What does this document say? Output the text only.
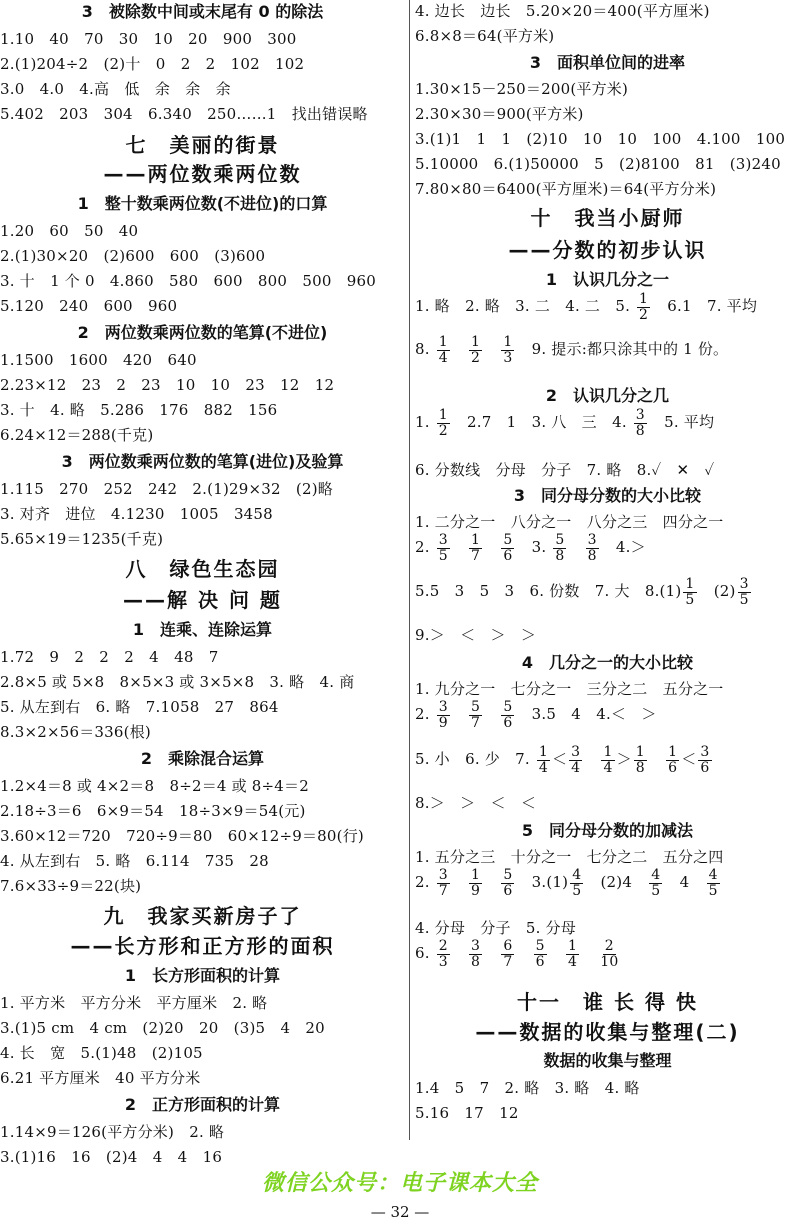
3　被除数中间或末尾有 0 的除法
1.10　40　70　30　10　20　900　300
2.(1)204÷2　(2)十　0　2　2　102　102
3.0　4.0　4.高　低　余　余　余
5.402　203　304　6.340　250……1　找出错误略
七　美丽的街景
——两位数乘两位数
1　整十数乘两位数(不进位)的口算
1.20　60　50　40
2.(1)30×20　(2)600　600　(3)600
3. 十　1 个 0　4.860　580　600　800　500　960
5.120　240　600　960
2　两位数乘两位数的笔算(不进位)
1.1500　1600　420　640
2.23×12　23　2　23　10　10　23　12　12
3. 十　4. 略　5.286　176　882　156
6.24×12＝288(千克)
3　两位数乘两位数的笔算(进位)及验算
1.115　270　252　242　2.(1)29×32　(2)略
3. 对齐　进位　4.1230　1005　3458
5.65×19＝1235(千克)
八　绿色生态园
——解 决 问 题
1　连乘、连除运算
1.72　9　2　2　2　4　48　7
2.8×5 或 5×8　8×5×3 或 3×5×8　3. 略　4. 商
5. 从左到右　6. 略　7.1058　27　864
8.3×2×56＝336(根)
2　乘除混合运算
1.2×4＝8 或 4×2＝8　8÷2＝4 或 8÷4＝2
2.18÷3＝6　6×9＝54　18÷3×9＝54(元)
3.60×12＝720　720÷9＝80　60×12÷9＝80(行)
4. 从左到右　5. 略　6.114　735　28
7.6×33÷9＝22(块)
九　我家买新房子了
——长方形和正方形的面积
1　长方形面积的计算
1. 平方米　平方分米　平方厘米　2. 略
3.(1)5 cm　4 cm　(2)20　20　(3)5　4　20
4. 长　宽　5.(1)48　(2)105
6.21 平方厘米　40 平方分米
2　正方形面积的计算
1.14×9＝126(平方分米)　2. 略
3.(1)16　16　(2)4　4　4　16
4. 边长　边长　5.20×20＝400(平方厘米)
6.8×8＝64(平方米)
3　面积单位间的进率
1.30×15－250＝200(平方米)
2.30×30＝900(平方米)
3.(1)1　1　1　(2)10　10　10　100　4.100　100
5.10000　6.(1)50000　5　(2)8100　81　(3)240
7.80×80＝6400(平方厘米)＝64(平方分米)
十　我当小厨师
——分数的初步认识
1　认识几分之一
1. 略　2. 略　3. 二　4. 二　5. $\frac{1}{2}$ 　6.1　7. 平均
8. $\frac{1}{4}$
　 $\frac{1}{2}$
　 $\frac{1}{3}$ 　9. 提示:都只涂其中的 1 份。
2　认识几分之几
1. $\frac{1}{2}$ 　2.7　1　3. 八　三　4. $\frac{3}{8}$ 　5. 平均
6. 分数线　分母　分子　7. 略　8.✓　✕　✓
3　同分母分数的大小比较
1. 二分之一　八分之一　八分之三　四分之一
2. $\frac{3}{5}$
　 $\frac{1}{7}$
　 $\frac{5}{6}$ 　3. $\frac{5}{8}$
　 $\frac{3}{8}$ 　4.＞
5.5　3　5　3　6. 份数　7. 大　$8.(1) \frac{1}{5}$ 　$(2) \frac{3}{5}$
9.＞　＜　＞　＞
4　几分之一的大小比较
1. 九分之一　七分之一　三分之二　五分之一
2. $\frac{3}{9}$
　 $\frac{5}{7}$
　 $\frac{5}{6}$ 　3.5　4　4.＜　＞
5. 小　6. 少　7. $\frac{1}{4} < \frac{3}{4}$
　 $\frac{1}{4} > \frac{1}{8}$
　 $\frac{1}{6} < \frac{3}{6}$
8.＞　＞　＜　＜
5　同分母分数的加减法
1. 五分之三　十分之一　七分之二　五分之四
2. $\frac{3}{7}$
　 $\frac{1}{9}$
　 $\frac{5}{6}$ 　$3.(1) \frac{4}{5}$ 　(2)4　 $\frac{4}{5}$ 　4　 $\frac{4}{5}$
4. 分母　分子　5. 分母
6. $\frac{2}{3}$
　 $\frac{3}{8}$
　 $\frac{6}{7}$
　 $\frac{5}{6}$
　 $\frac{1}{4}$
　 $\frac{2}{10}$
十一　谁 长 得 快
——数据的收集与整理(二)
数据的收集与整理
1.4　5　7　2. 略　3. 略　4. 略
5.16　17　12
微信公众号：电子课本大全
— 32 —
